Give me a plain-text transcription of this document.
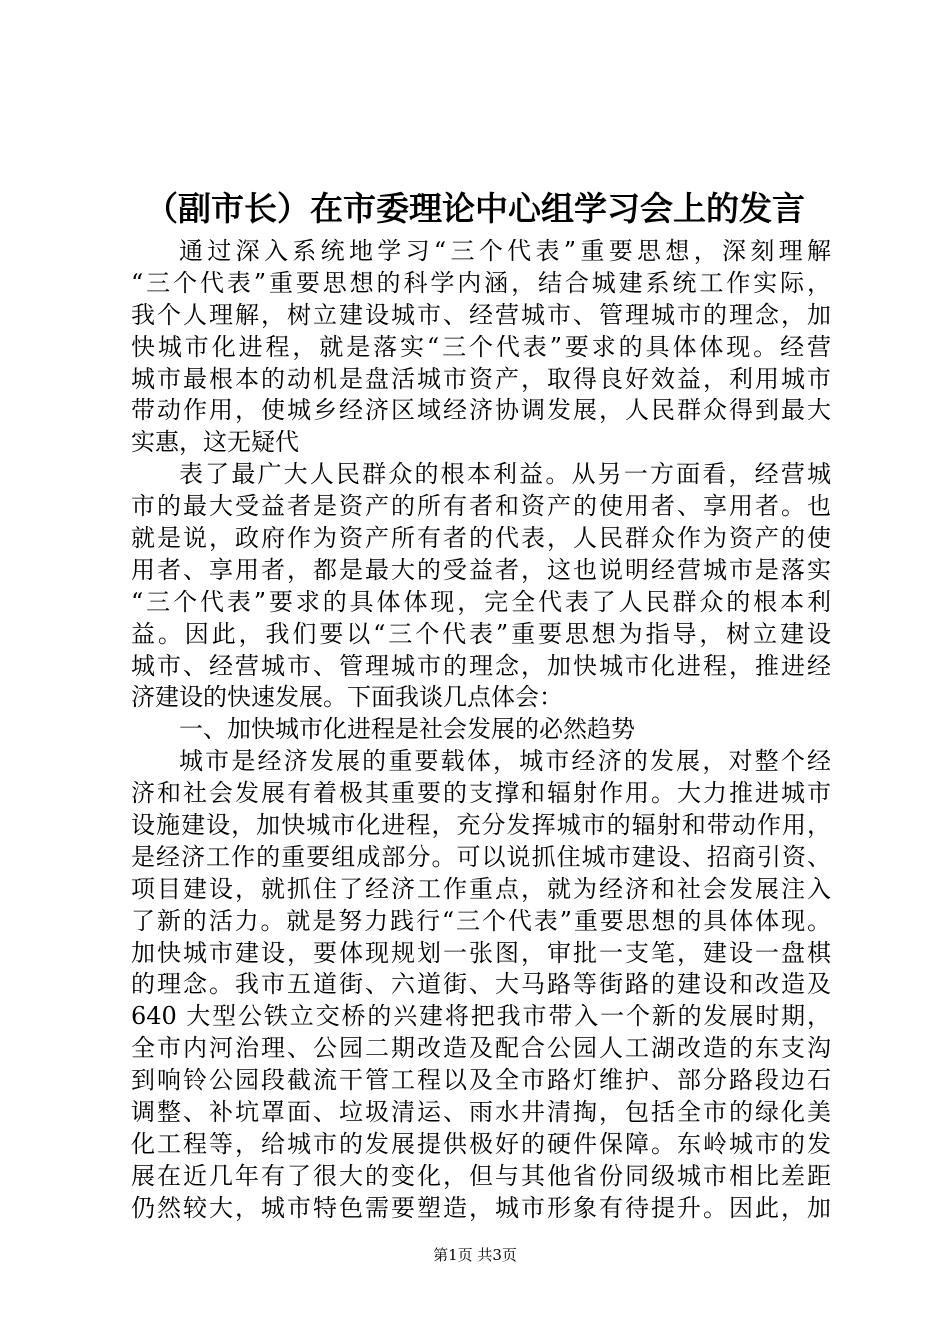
（副市长）在市委理论中心组学习会上的发言
通过深入系统地学习“三个代表”重要思想，深刻理解
“三个代表”重要思想的科学内涵，结合城建系统工作实际，
我个人理解，树立建设城市、经营城市、管理城市的理念，加
快城市化进程，就是落实“三个代表”要求的具体体现。经营
城市最根本的动机是盘活城市资产，取得良好效益，利用城市
带动作用，使城乡经济区域经济协调发展，人民群众得到最大
实惠，这无疑代
表了最广大人民群众的根本利益。从另一方面看，经营城
市的最大受益者是资产的所有者和资产的使用者、享用者。也
就是说，政府作为资产所有者的代表，人民群众作为资产的使
用者、享用者，都是最大的受益者，这也说明经营城市是落实
“三个代表”要求的具体体现，完全代表了人民群众的根本利
益。因此，我们要以“三个代表”重要思想为指导，树立建设
城市、经营城市、管理城市的理念，加快城市化进程，推进经
济建设的快速发展。下面我谈几点体会：
一、加快城市化进程是社会发展的必然趋势
城市是经济发展的重要载体，城市经济的发展，对整个经
济和社会发展有着极其重要的支撑和辐射作用。大力推进城市
设施建设，加快城市化进程，充分发挥城市的辐射和带动作用，
是经济工作的重要组成部分。可以说抓住城市建设、招商引资、
项目建设，就抓住了经济工作重点，就为经济和社会发展注入
了新的活力。就是努力践行“三个代表”重要思想的具体体现。
加快城市建设，要体现规划一张图，审批一支笔，建设一盘棋
的理念。我市五道街、六道街、大马路等街路的建设和改造及
640 大型公铁立交桥的兴建将把我市带入一个新的发展时期，
全市内河治理、公园二期改造及配合公园人工湖改造的东支沟
到响铃公园段截流干管工程以及全市路灯维护、部分路段边石
调整、补坑罩面、垃圾清运、雨水井清掏，包括全市的绿化美
化工程等，给城市的发展提供极好的硬件保障。东岭城市的发
展在近几年有了很大的变化，但与其他省份同级城市相比差距
仍然较大，城市特色需要塑造，城市形象有待提升。因此，加
第1页 共3页
